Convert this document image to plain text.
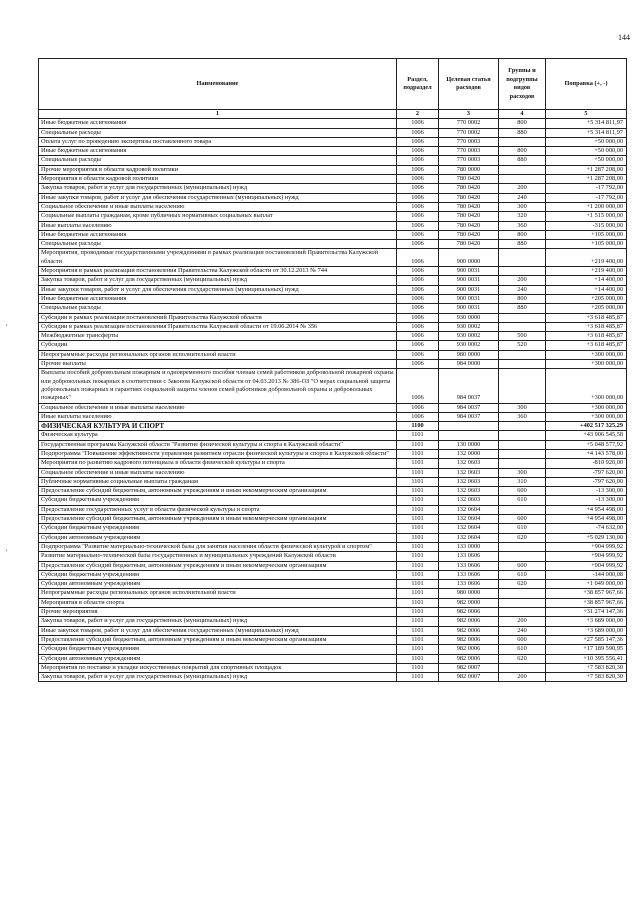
144
'
'
Наименование	Раздел, подраздел	Целевая статья расходов	Группы и подгруппы видов расходов	Поправка (+, -)
1	2	3	4	5
Иные бюджетные ассигнования	1006	770 0002	800	+5 314 811,97
Специальные расходы	1006	770 0002	880	+5 314 811,97
Оплата услуг по проведению экспертизы поставленного товара	1006	770 0003		+50 000,00
Иные бюджетные ассигнования	1006	770 0003	800	+50 000,00
Специальные расходы	1006	770 0003	880	+50 000,00
Прочие мероприятия в области кадровой политики	1006	780 0000		+1 287 208,00
Мероприятия в области кадровой политики	1006	780 0420		+1 287 208,00
Закупка товаров, работ и услуг для государственных (муниципальных) нужд	1006	780 0420	200	-17 792,00
Иные закупки товаров, работ и услуг для обеспечения государственных (муниципальных) нужд	1006	780 0420	240	-17 792,00
Социальное обеспечение и иные выплаты населению	1006	780 0420	300	+1 200 000,00
Социальные выплаты гражданам, кроме публичных нормативных социальных выплат	1006	780 0420	320	+1 515 000,00
Иные выплаты населению	1006	780 0420	360	-315 000,00
Иные бюджетные ассигнования	1006	780 0420	800	+105 000,00
Специальные расходы	1006	780 0420	880	+105 000,00
Мероприятия, проводимые государственными учреждениями в рамках реализации постановлений Правительства Калужской области	1006	900 0000		+219 400,00
Мероприятия в рамках реализации постановления Правительства Калужской области от 30.12.2013 № 744	1006	900 0031		+219 400,00
Закупка товаров, работ и услуг для государственных (муниципальных) нужд	1006	900 0031	200	+14 400,00
Иные закупки товаров, работ и услуг для обеспечения государственных (муниципальных) нужд	1006	900 0031	240	+14 400,00
Иные бюджетные ассигнования	1006	900 0031	800	+205 000,00
Специальные расходы	1006	900 0031	880	+205 000,00
Субсидии в рамках реализации постановлений Правительства Калужской области	1006	930 0000		+3 618 485,87
Субсидии в рамках реализации постановления Правительства Калужской области от 19.06.2014 № 356	1006	930 0002		+3 618 485,87
Межбюджетные трансферты	1006	930 0002	500	+3 618 485,87
Субсидии	1006	930 0002	520	+3 618 485,87
Непрограммные расходы региональных органов исполнительной власти	1006	980 0000		+300 000,00
Прочие выплаты	1006	984 0000		+300 000,00
Выплаты пособий добровольным пожарным и одновременного пособия членам семей работников добровольной пожарной охраны или добровольных пожарных в соответствии с Законом Калужской области от 04.03.2013 № 386-ОЗ "О мерах социальной защиты добровольных пожарных и гарантиях социальной защиты членов семей работников добровольной охраны и добровольных пожарных"	1006	984 0037		+300 000,00
Социальное обеспечение и иные выплаты населению	1006	984 0037	300	+300 000,00
Иные выплаты населению	1006	984 0037	360	+300 000,00
ФИЗИЧЕСКАЯ КУЛЬТУРА И СПОРТ	1100			+402 517 325,29
Физическая культура	1101			+43 906 545,58
Государственная программа Калужской области "Развитие физической культуры и спорта в Калужской области"	1101	130 0000		+5 048 577,92
Подпрограмма "Повышение эффективности управления развитием отрасли физической культуры и спорта в Калужской области"	1101	132 0000		+4 143 578,00
Мероприятия по развитию кадрового потенциала в области физической культуры и спорта	1101	132 0603		-810 920,00
Социальное обеспечение и иные выплаты населению	1101	132 0603	300	-797 620,00
Публичные нормативные социальные выплаты гражданам	1101	132 0603	310	-797 620,00
Предоставление субсидий бюджетным, автономным учреждениям и иным некоммерческим организациям	1101	132 0603	600	-13 300,00
Субсидии бюджетным учреждениям	1101	132 0603	610	-13 300,00
Предоставление государственных услуг в области физической культуры и спорта	1101	132 0604		+4 954 498,00
Предоставление субсидий бюджетным, автономным учреждениям и иным некоммерческим организациям	1101	132 0604	600	+4 954 498,00
Субсидии бюджетным учреждениям	1101	132 0604	610	-74 632,00
Субсидии автономным учреждениям	1101	132 0604	620	+5 029 130,00
Подпрограмма "Развитие материально-технической базы для занятия населения области физической культурой и спортом"	1101	133 0000		+904 999,92
Развитие материально-технической базы государственных и муниципальных учреждений Калужской области	1101	133 0606		+904 999,92
Предоставление субсидий бюджетным, автономным учреждениям и иным некоммерческим организациям	1101	133 0606	600	+904 999,92
Субсидии бюджетным учреждениям	1101	133 0606	610	-144 000,08
Субсидии автономным учреждениям	1101	133 0606	620	+1 049 000,00
Непрограммные расходы региональных органов исполнительной власти	1101	980 0000		+38 857 967,66
Мероприятия в области спорта	1101	982 0000		+38 857 967,66
Прочие мероприятия	1101	982 0006		+31 274 147,36
Закупка товаров, работ и услуг для государственных (муниципальных) нужд	1101	982 0006	200	+3 689 000,00
Иные закупки товаров, работ и услуг для обеспечения государственных (муниципальных) нужд	1101	982 0006	240	+3 689 000,00
Предоставление субсидий бюджетным, автономным учреждениям и иным некоммерческим организациям	1101	982 0006	600	+27 585 147,36
Субсидии бюджетным учреждениям	1101	982 0006	610	+17 189 590,95
Субсидии автономным учреждениям	1101	982 0006	620	+10 395 556,41
Мероприятия по поставке и укладке искусственных покрытий для спортивных площадок	1101	982 0007		+7 583 820,30
Закупка товаров, работ и услуг для государственных (муниципальных) нужд	1101	982 0007	200	+7 583 820,30
